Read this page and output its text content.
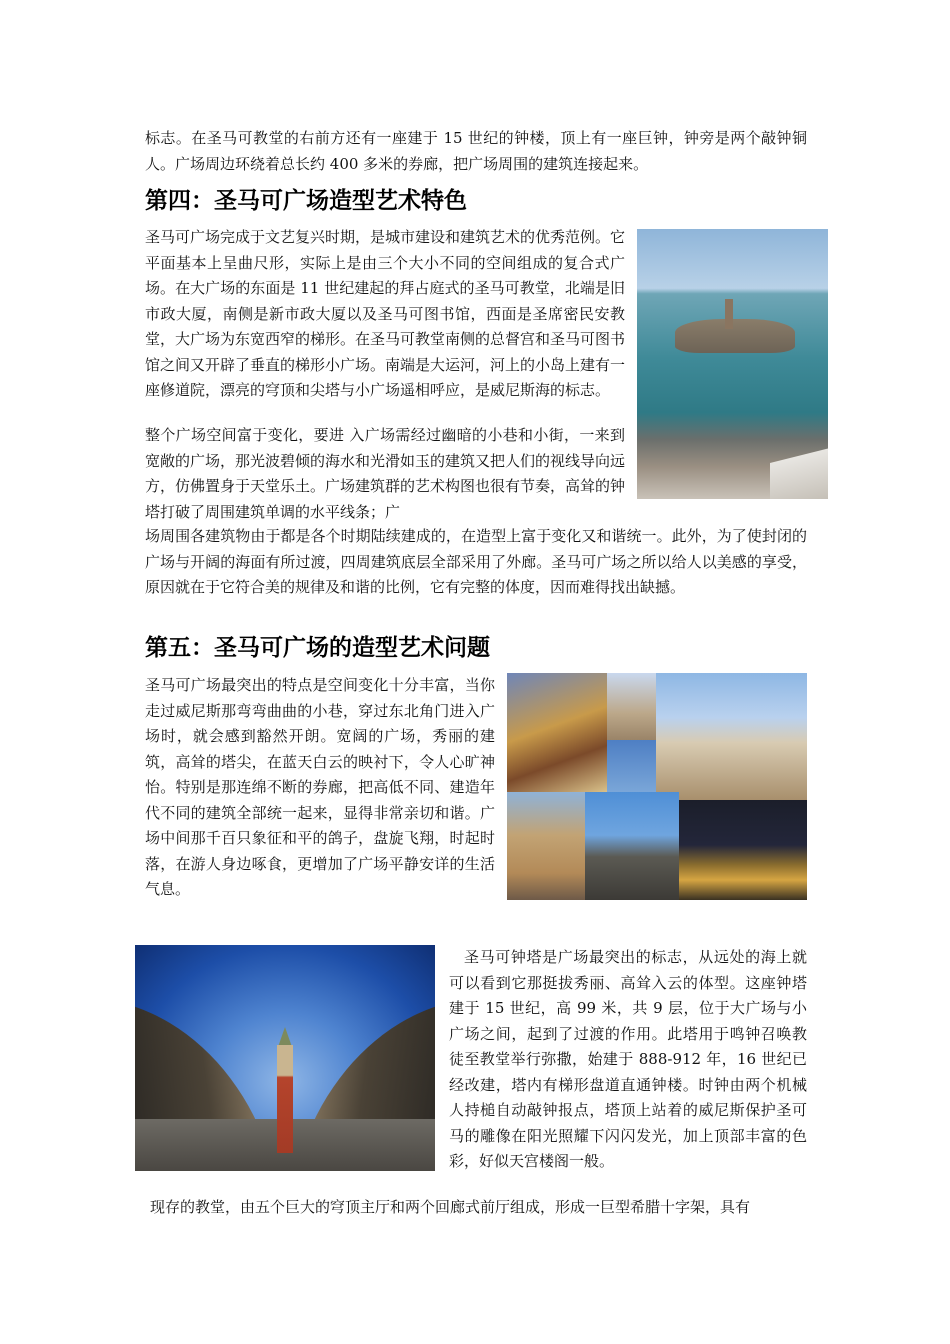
标志。在圣马可教堂的右前方还有一座建于 15 世纪的钟楼，顶上有一座巨钟，钟旁是两个敲钟铜人。广场周边环绕着总长约 400 多米的券廊，把广场周围的建筑连接起来。

第四：圣马可广场造型艺术特色

圣马可广场完成于文艺复兴时期，是城市建设和建筑艺术的优秀范例。它平面基本上呈曲尺形，实际上是由三个大小不同的空间组成的复合式广场。在大广场的东面是 11 世纪建起的拜占庭式的圣马可教堂，北端是旧市政大厦，南侧是新市政大厦以及圣马可图书馆，西面是圣席密民安教堂，大广场为东宽西窄的梯形。在圣马可教堂南侧的总督宫和圣马可图书馆之间又开辟了垂直的梯形小广场。南端是大运河，河上的小岛上建有一座修道院，漂亮的穹顶和尖塔与小广场遥相呼应，是威尼斯海的标志。

整个广场空间富于变化，要进 入广场需经过幽暗的小巷和小街，一来到宽敞的广场，那光波碧倾的海水和光滑如玉的建筑又把人们的视线导向远方，仿佛置身于天堂乐土。广场建筑群的艺术构图也很有节奏，高耸的钟塔打破了周围建筑单调的水平线条；广

场周围各建筑物由于都是各个时期陆续建成的，在造型上富于变化又和谐统一。此外，为了使封闭的广场与开阔的海面有所过渡，四周建筑底层全部采用了外廊。圣马可广场之所以给人以美感的享受，原因就在于它符合美的规律及和谐的比例，它有完整的体度，因而难得找出缺撼。

第五：圣马可广场的造型艺术问题

圣马可广场最突出的特点是空间变化十分丰富，当你走过威尼斯那弯弯曲曲的小巷，穿过东北角门进入广场时，就会感到豁然开朗。宽阔的广场，秀丽的建筑，高耸的塔尖，在蓝天白云的映衬下，令人心旷神怡。特别是那连绵不断的券廊，把高低不同、建造年代不同的建筑全部统一起来，显得非常亲切和谐。广场中间那千百只象征和平的鸽子，盘旋飞翔，时起时落，在游人身边啄食，更增加了广场平静安详的生活气息。

圣马可钟塔是广场最突出的标志，从远处的海上就可以看到它那挺拔秀丽、高耸入云的体型。这座钟塔建于 15 世纪，高 99 米，共 9 层，位于大广场与小广场之间，起到了过渡的作用。此塔用于鸣钟召唤教徒至教堂举行弥撒，始建于 888-912 年，16 世纪已经改建，塔内有梯形盘道直通钟楼。时钟由两个机械人持槌自动敲钟报点，塔顶上站着的威尼斯保护圣可马的雕像在阳光照耀下闪闪发光，加上顶部丰富的色彩，好似天宫楼阁一般。

现存的教堂，由五个巨大的穹顶主厅和两个回廊式前厅组成，形成一巨型希腊十字架，具有
